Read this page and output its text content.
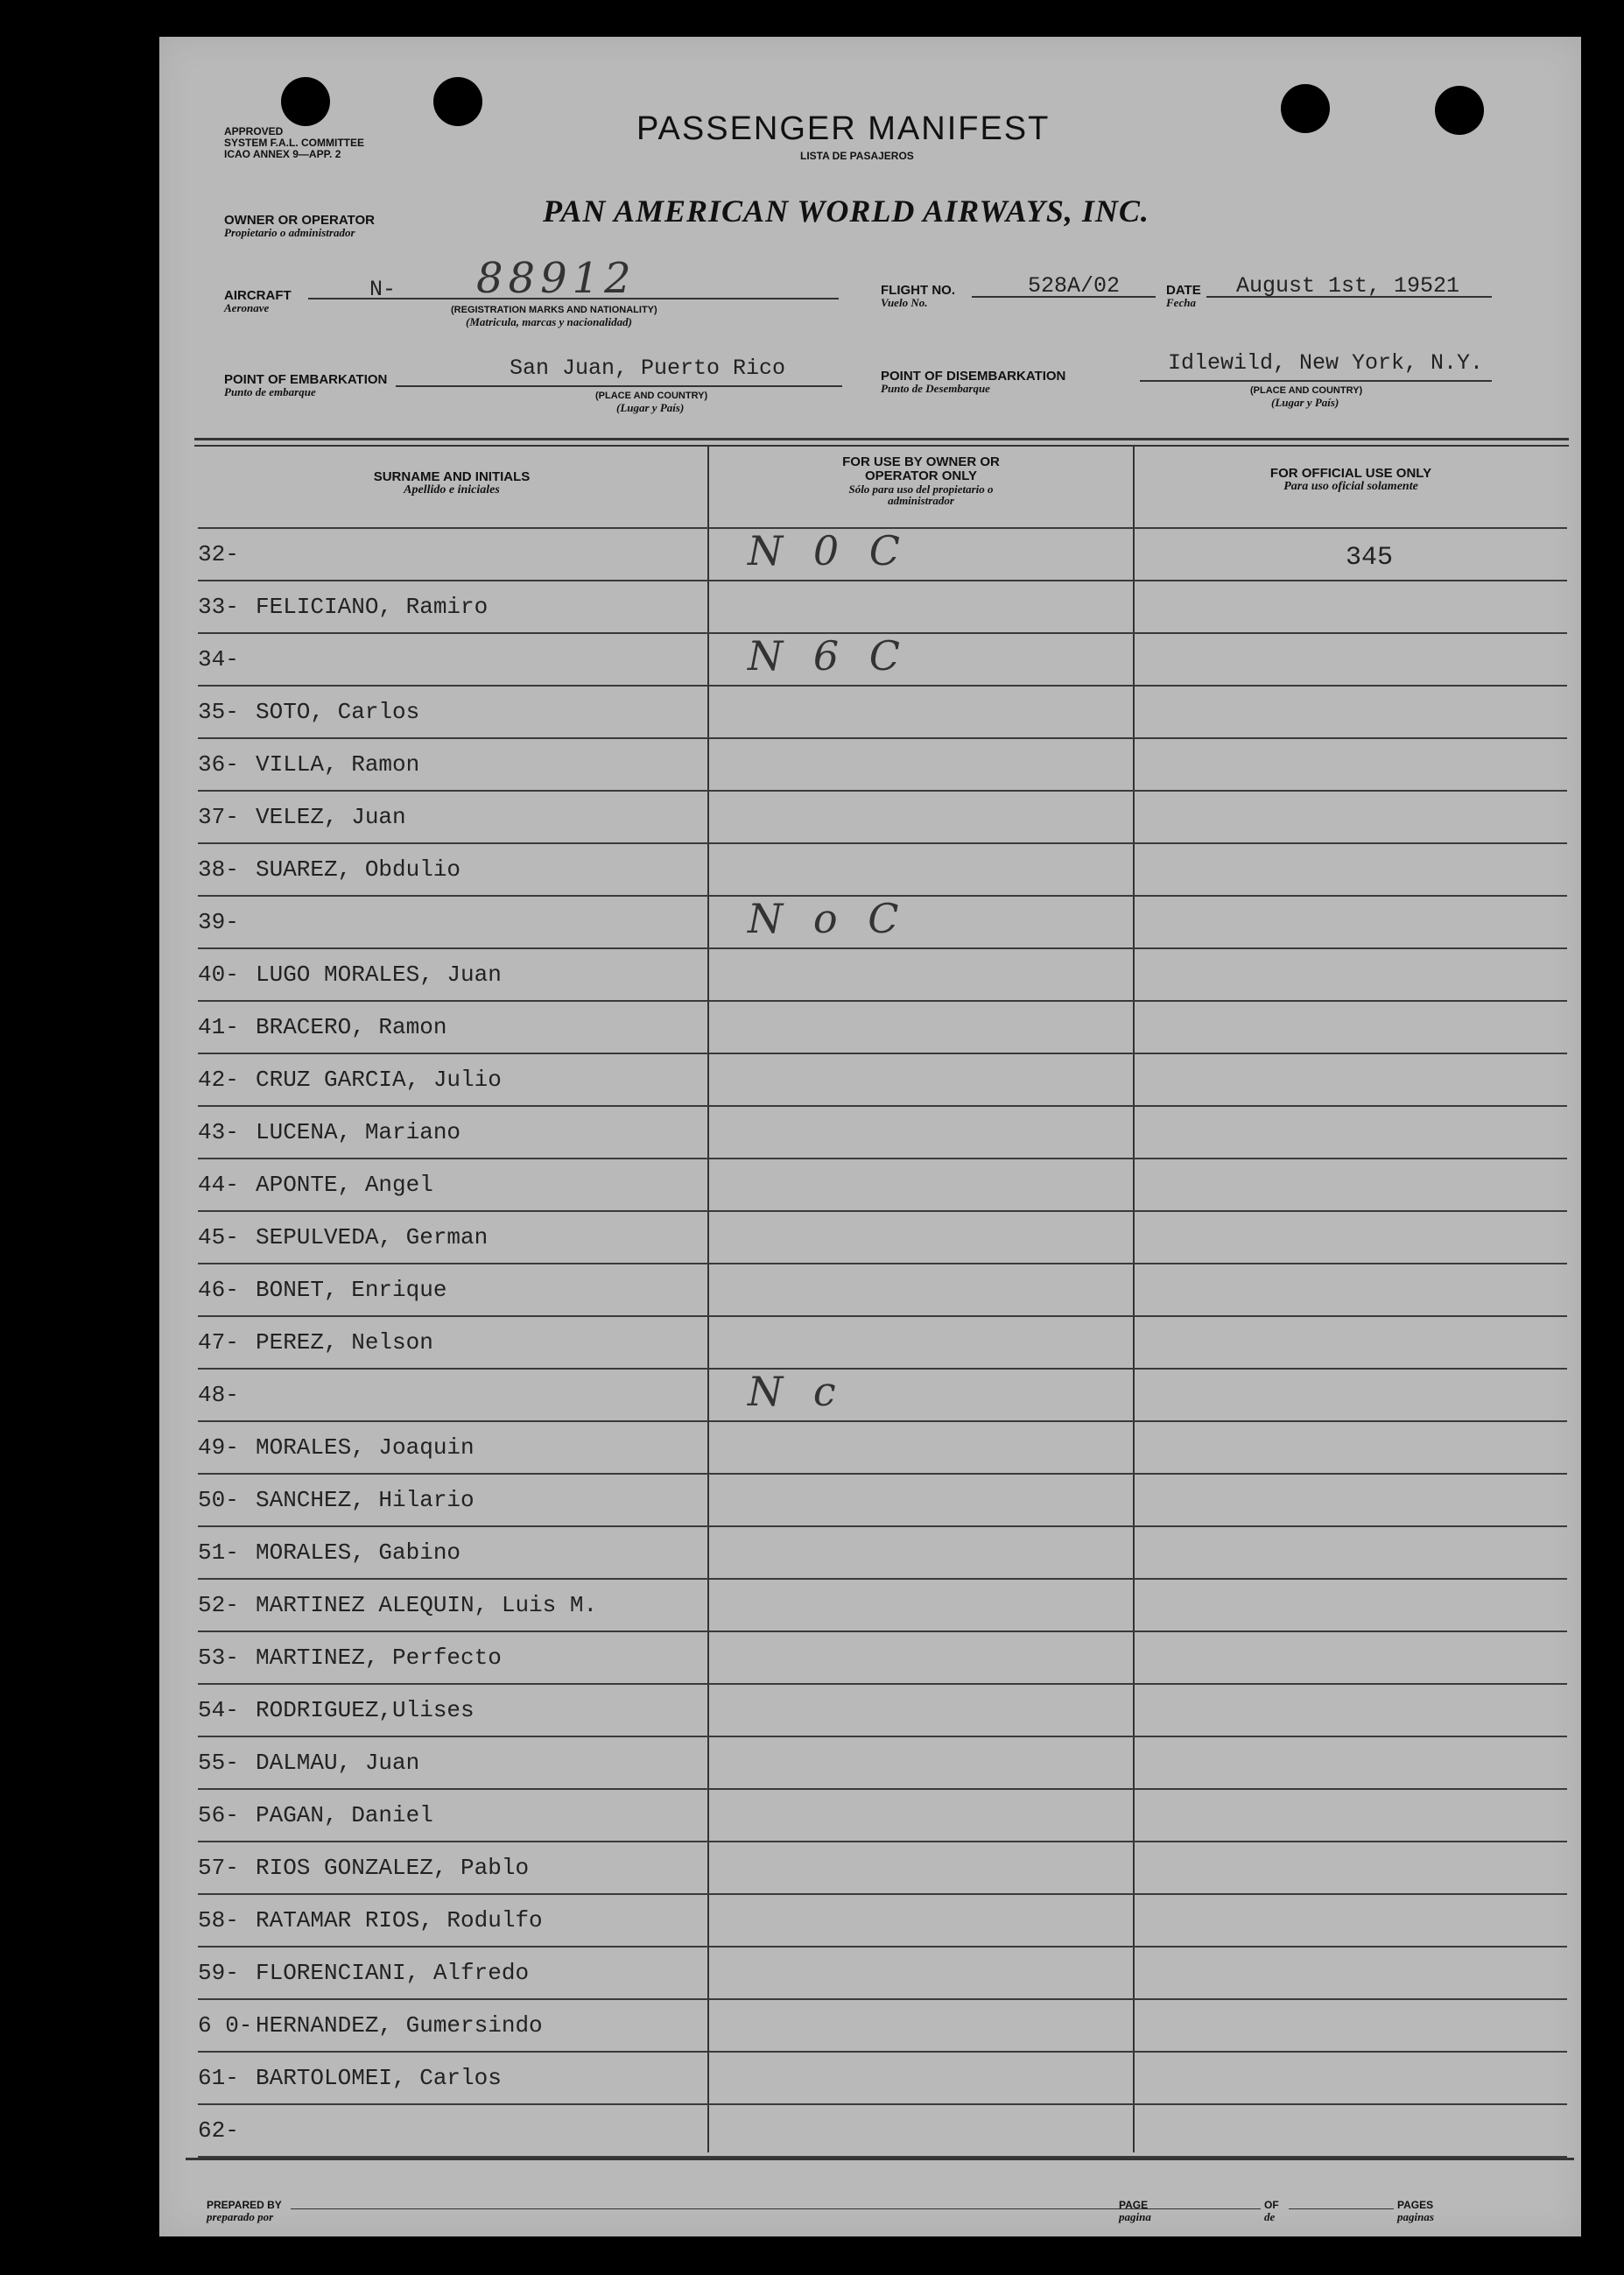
APPROVED
SYSTEM F.A.L. COMMITTEE
ICAO ANNEX 9—APP. 2
PASSENGER MANIFEST
LISTA DE PASAJEROS
OWNER OR OPERATOR
Propietario o administrador
PAN AMERICAN WORLD AIRWAYS, INC.
AIRCRAFT
Aeronave
N- 88912
(REGISTRATION MARKS AND NATIONALITY)
(Matricula, marcas y nacionalidad)
FLIGHT NO.
Vuelo No.
528A/02	DATE
Fecha
August 1st, 19521
POINT OF EMBARKATION
Punto de embarque
San Juan, Puerto Rico
(PLACE AND COUNTRY)
(Lugar y País)
POINT OF DISEMBARKATION
Punto de Desembarque
Idlewild, New York, N.Y.
(PLACE AND COUNTRY)
(Lugar y País)
SURNAME AND INITIALS
Apellido e iniciales
FOR USE BY OWNER OR OPERATOR ONLY
Sólo para uso del propietario o administrador
FOR OFFICIAL USE ONLY
Para uso oficial solamente
32-	N 0 C	345
33- FELICIANO, Ramiro
34-	N 6 C
35- SOTO, Carlos
36- VILLA, Ramon
37- VELEZ, Juan
38- SUAREZ, Obdulio
39-	N o C
40- LUGO MORALES, Juan
41- BRACERO, Ramon
42- CRUZ GARCIA, Julio
43- LUCENA, Mariano
44- APONTE, Angel
45- SEPULVEDA, German
46- BONET, Enrique
47- PEREZ, Nelson
48-	N c
49- MORALES, Joaquin
50- SANCHEZ, Hilario
51- MORALES, Gabino
52- MARTINEZ ALEQUIN, Luis M.
53- MARTINEZ, Perfecto
54- RODRIGUEZ,Ulises
55- DALMAU, Juan
56- PAGAN, Daniel
57- RIOS GONZALEZ, Pablo
58- RATAMAR RIOS, Rodulfo
59- FLORENCIANI, Alfredo
6 0- HERNANDEZ, Gumersindo
61- BARTOLOMEI, Carlos
62-
PREPARED BY
preparado por
PAGE
pagina
OF
de
PAGES
paginas
